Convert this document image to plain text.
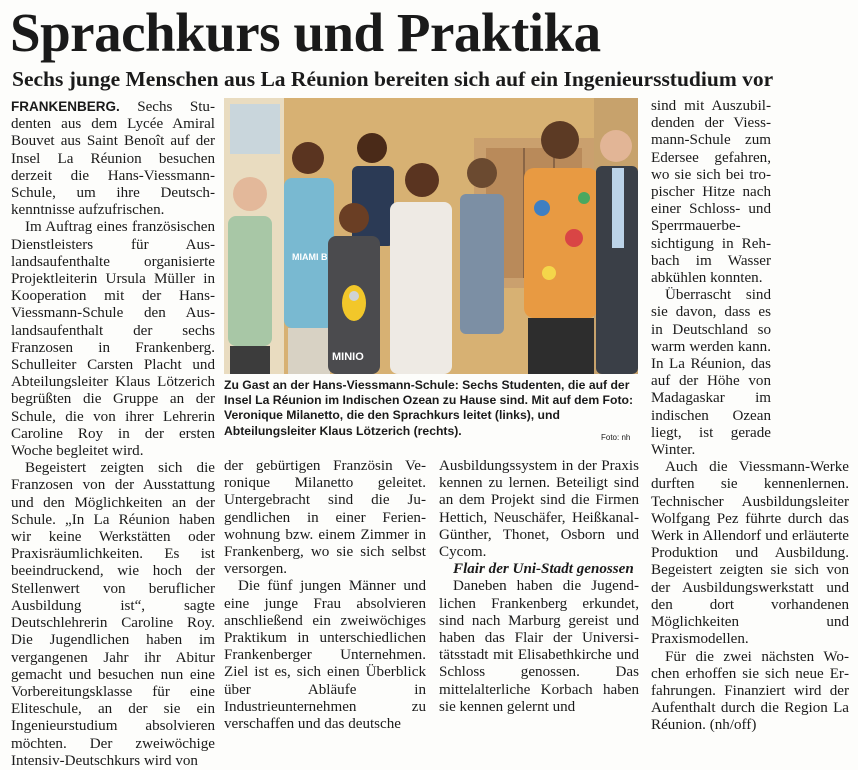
Sprachkurs und Praktika
Sechs junge Menschen aus La Réunion bereiten sich auf ein Ingenieursstudium vor

FRANKENBERG. Sechs Studenten aus dem Lycée Amiral Bouvet aus Saint Benoît auf der Insel La Réunion besuchen derzeit die Hans-Viessmann-Schule, um ihre Deutschkenntnisse aufzufrischen.

Im Auftrag eines französischen Dienstleisters für Auslandsaufenthalte organisierte Projektleiterin Ursula Müller in Kooperation mit der Hans-Viessmann-Schule den Auslandsaufenthalt der sechs Franzosen in Frankenberg. Schulleiter Carsten Placht und Abteilungsleiter Klaus Lötzerich begrüßten die Gruppe an der Schule, die von ihrer Lehrerin Caroline Roy in der ersten Woche begleitet wird.

Begeistert zeigten sich die Franzosen von der Ausstattung und den Möglichkeiten an der Schule. „In La Réunion haben wir keine Werkstätten oder Praxisräumlichkeiten. Es ist beeindruckend, wie hoch der Stellenwert von beruflicher Ausbildung ist“, sagte Deutschlehrerin Caroline Roy. Die Jugendlichen haben im vergangenen Jahr ihr Abitur gemacht und besuchen nun eine Vorbereitungsklasse für eine Eliteschule, an der sie ein Ingenieurstudium absolvieren möchten. Der zweiwöchige Intensiv-Deutschkurs wird von

MIAMI B
MINIO

Zu Gast an der Hans-Viessmann-Schule: Sechs Studenten, die auf der Insel La Réunion im Indischen Ozean zu Hause sind. Mit auf dem Foto: Veronique Milanetto, die den Sprachkurs leitet (links), und Abteilungsleiter Klaus Lötzerich (rechts).	Foto: nh

der gebürtigen Französin Veronique Milanetto geleitet. Untergebracht sind die Jugendlichen in einer Ferienwohnung bzw. einem Zimmer in Frankenberg, wo sie sich selbst versorgen.

Die fünf jungen Männer und eine junge Frau absolvieren anschließend ein zweiwöchiges Praktikum in unterschiedlichen Frankenberger Unternehmen. Ziel ist es, sich einen Überblick über Abläufe in Industrieunternehmen zu verschaffen und das deutsche

Ausbildungssystem in der Praxis kennen zu lernen. Beteiligt sind an dem Projekt sind die Firmen Hettich, Neuschäfer, Heißkanal-Günther, Thonet, Osborn und Cycom.

Flair der Uni-Stadt genossen

Daneben haben die Jugendlichen Frankenberg erkundet, sind nach Marburg gereist und haben das Flair der Universitätsstadt mit Elisabethkirche und Schloss genossen. Das mittelalterliche Korbach haben sie kennen gelernt und

sind mit Auszubildenden der Viessmann-Schule zum Edersee gefahren, wo sie sich bei tropischer Hitze nach einer Schloss- und Sperrmauerbesichtigung in Rehbach im Wasser abkühlen konnten.

Überrascht sind sie davon, dass es in Deutschland so warm werden kann. In La Réunion, das auf der Höhe von Madagaskar im indischen Ozean liegt, ist gerade Winter.

Auch die Viessmann-Werke durften sie kennenlernen. Technischer Ausbildungsleiter Wolfgang Pez führte durch das Werk in Allendorf und erläuterte Produktion und Ausbildung. Begeistert zeigten sie sich von der Ausbildungswerkstatt und den dort vorhandenen Möglichkeiten und Praxismodellen.

Für die zwei nächsten Wochen erhoffen sie sich neue Erfahrungen. Finanziert wird der Aufenthalt durch die Region La Réunion. (nh/off)
